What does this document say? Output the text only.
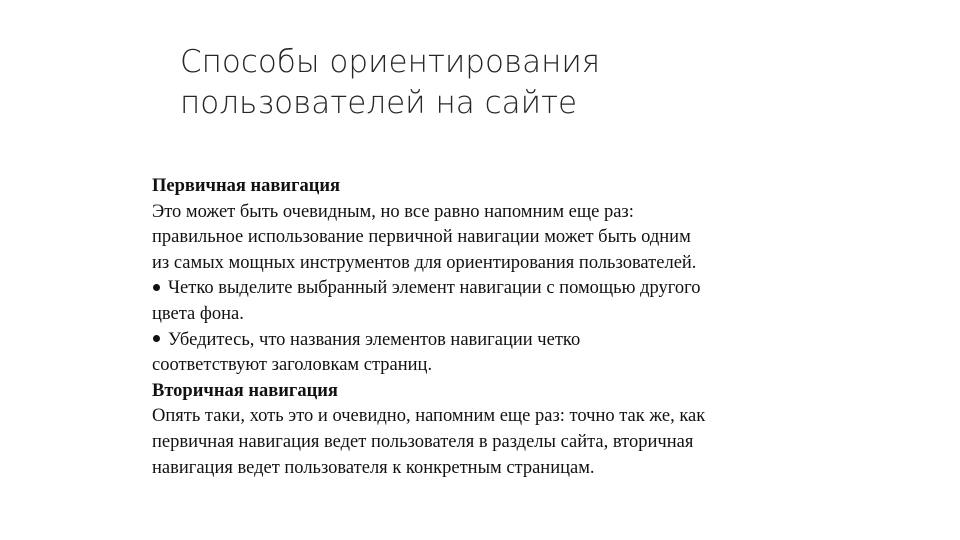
Способы ориентирования
пользователей на сайте
Первичная навигация
Это может быть очевидным, но все равно напомним еще раз:
правильное использование первичной навигации может быть одним
из самых мощных инструментов для ориентирования пользователей.
Четко выделите выбранный элемент навигации с помощью другого
цвета фона.
Убедитесь, что названия элементов навигации четко
соответствуют заголовкам страниц.
Вторичная навигация
Опять таки, хоть это и очевидно, напомним еще раз: точно так же, как
первичная навигация ведет пользователя в разделы сайта, вторичная
навигация ведет пользователя к конкретным страницам.
